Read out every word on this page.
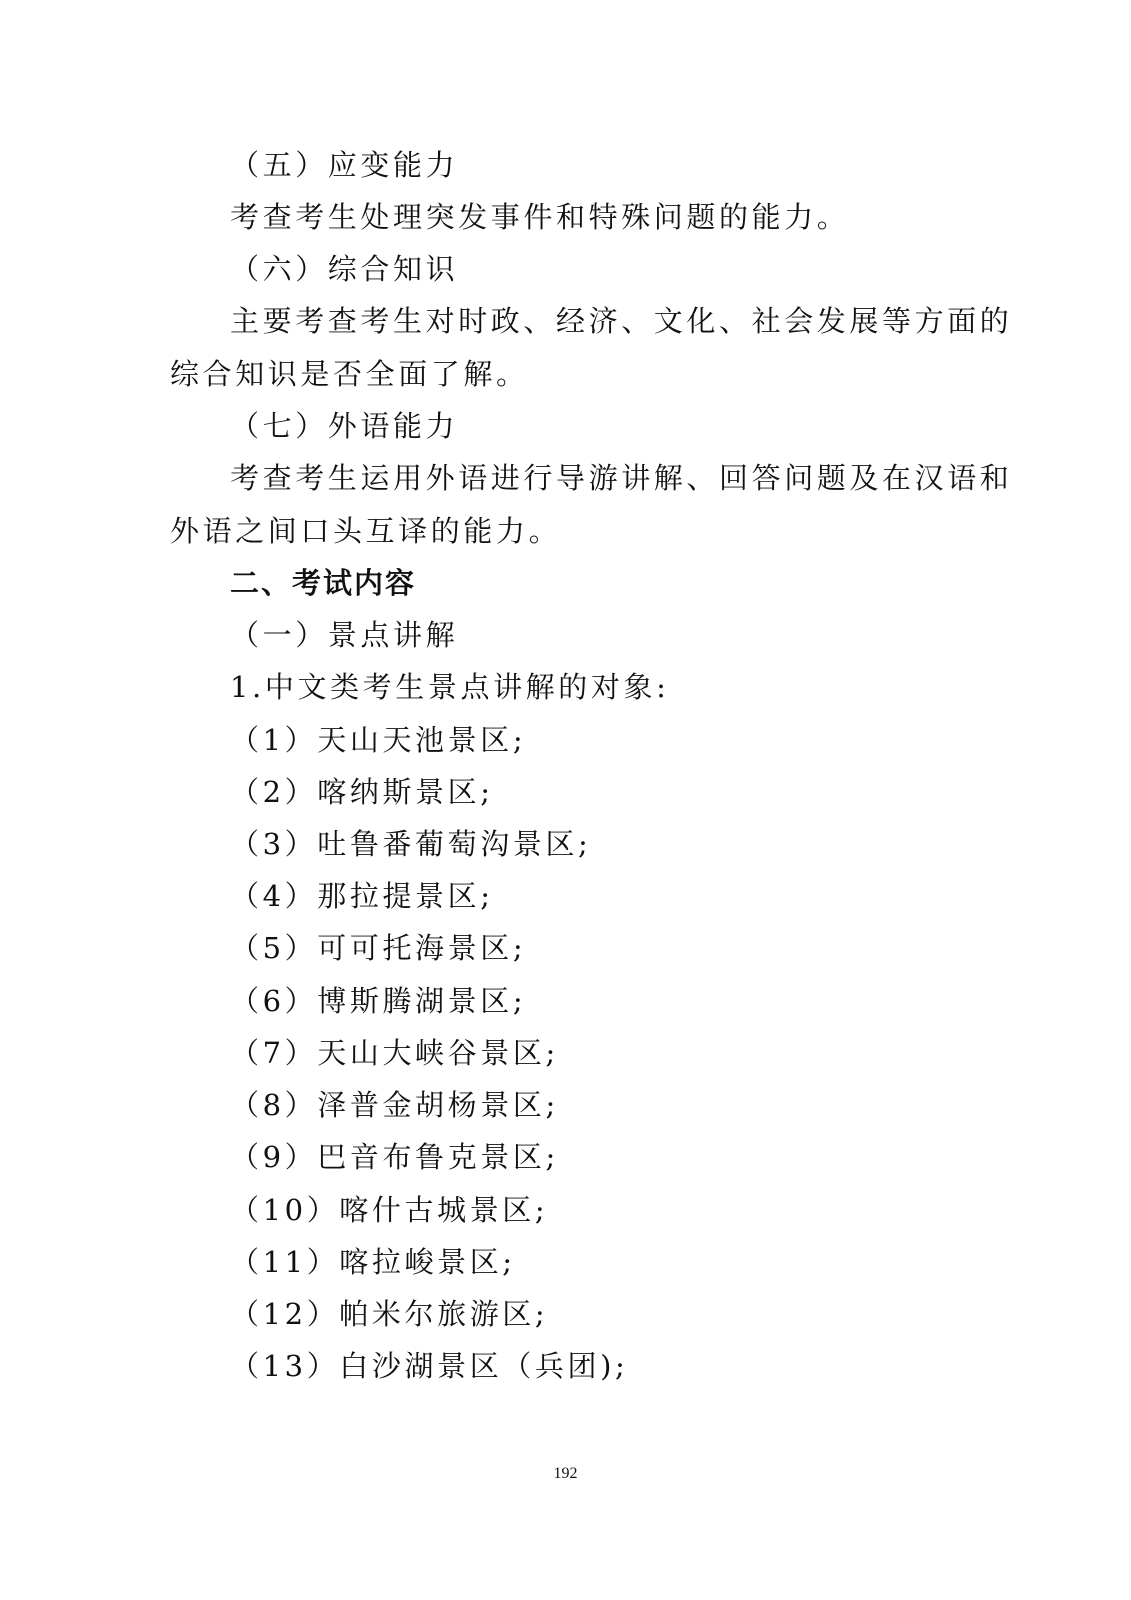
（五）应变能力
考查考生处理突发事件和特殊问题的能力。
（六）综合知识
主要考查考生对时政、经济、文化、社会发展等方面的
综合知识是否全面了解。
（七）外语能力
考查考生运用外语进行导游讲解、回答问题及在汉语和
外语之间口头互译的能力。
二、考试内容
（一）景点讲解
1.中文类考生景点讲解的对象:
（1）天山天池景区;
（2）喀纳斯景区;
（3）吐鲁番葡萄沟景区;
（4）那拉提景区;
（5）可可托海景区;
（6）博斯腾湖景区;
（7）天山大峡谷景区;
（8）泽普金胡杨景区;
（9）巴音布鲁克景区;
（10）喀什古城景区;
（11）喀拉峻景区;
（12）帕米尔旅游区;
（13）白沙湖景区（兵团);
192
